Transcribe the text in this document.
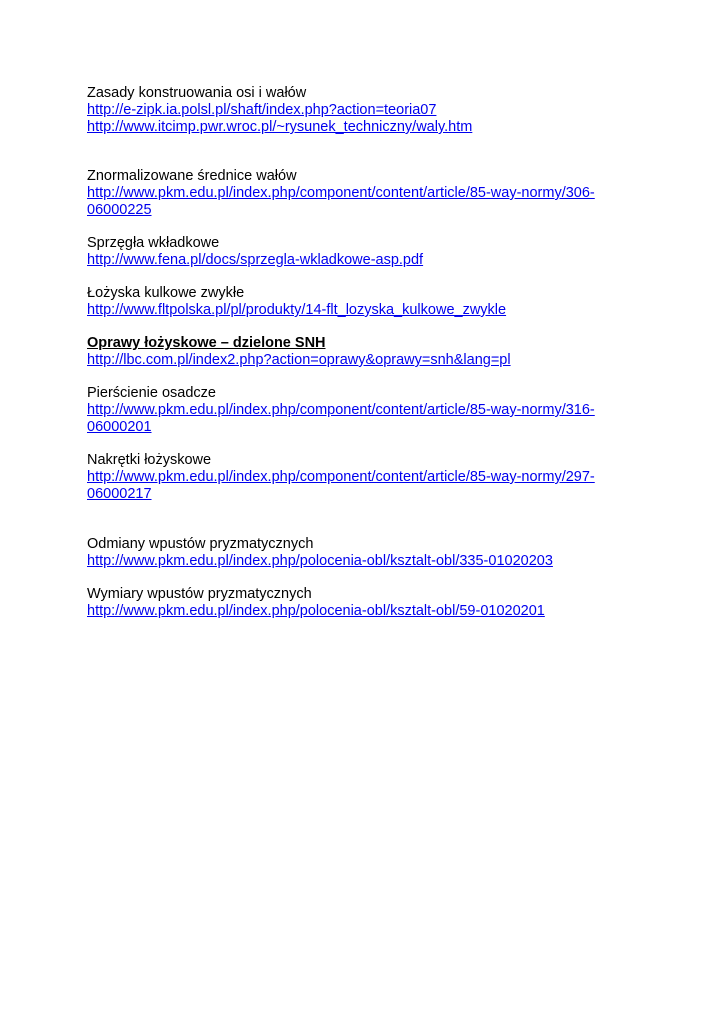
Zasady konstruowania osi i wałów
http://e-zipk.ia.polsl.pl/shaft/index.php?action=teoria07
http://www.itcimp.pwr.wroc.pl/~rysunek_techniczny/waly.htm
Znormalizowane średnice wałów
http://www.pkm.edu.pl/index.php/component/content/article/85-way-normy/306-
06000225
Sprzęgła wkładkowe
http://www.fena.pl/docs/sprzegla-wkladkowe-asp.pdf
Łożyska kulkowe zwykłe
http://www.fltpolska.pl/pl/produkty/14-flt_lozyska_kulkowe_zwykle
Oprawy łożyskowe – dzielone SNH
http://lbc.com.pl/index2.php?action=oprawy&oprawy=snh&lang=pl
Pierścienie osadcze
http://www.pkm.edu.pl/index.php/component/content/article/85-way-normy/316-
06000201
Nakrętki łożyskowe
http://www.pkm.edu.pl/index.php/component/content/article/85-way-normy/297-
06000217
Odmiany wpustów pryzmatycznych
http://www.pkm.edu.pl/index.php/polocenia-obl/ksztalt-obl/335-01020203
Wymiary wpustów pryzmatycznych
http://www.pkm.edu.pl/index.php/polocenia-obl/ksztalt-obl/59-01020201
